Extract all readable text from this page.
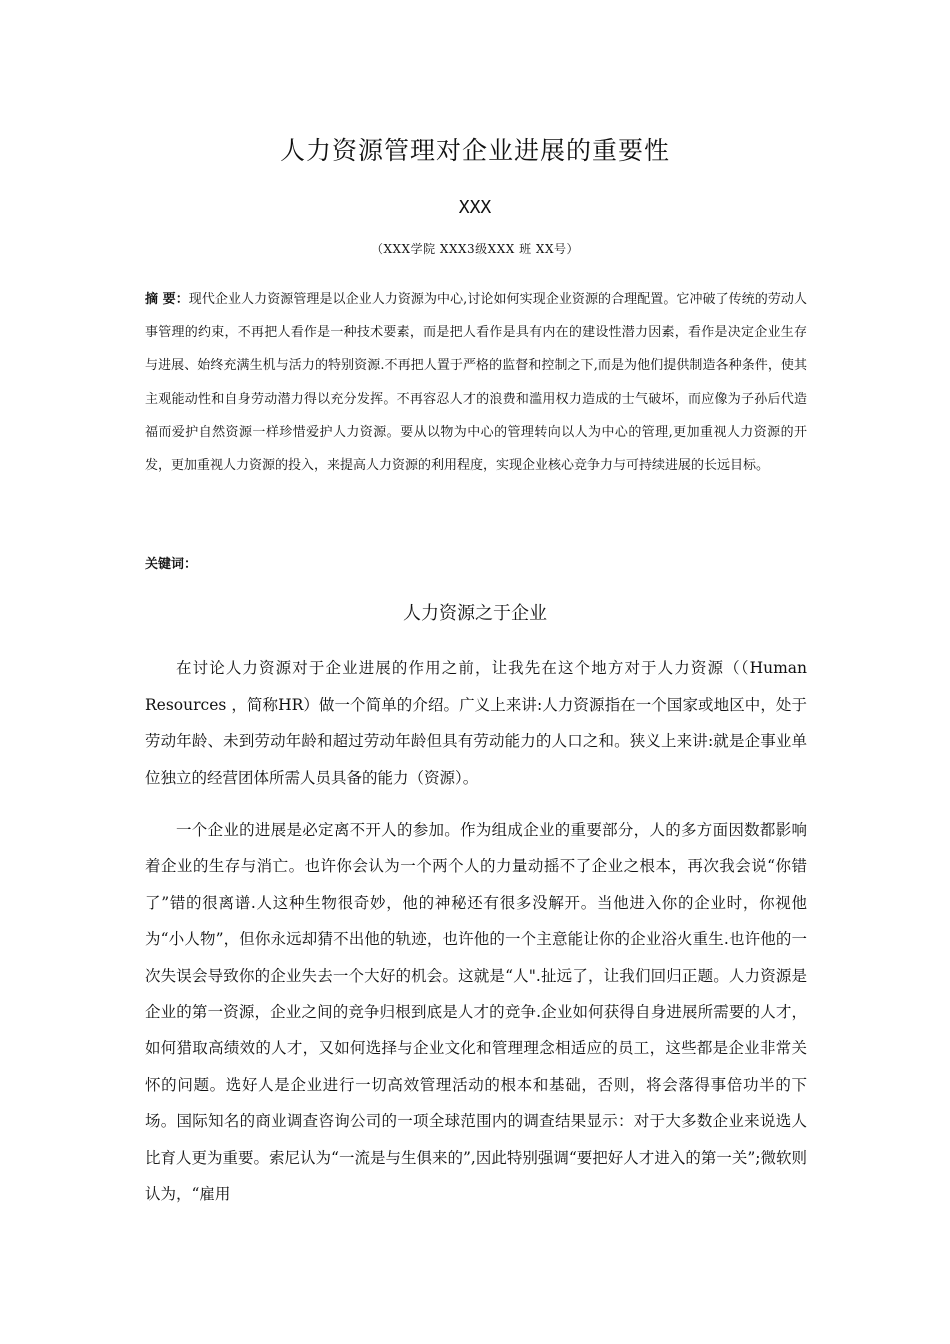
人力资源管理对企业进展的重要性
XXX
（XXX学院 XXX3级XXX 班 XX号）

摘 要：现代企业人力资源管理是以企业人力资源为中心,讨论如何实现企业资源的合理配置。它冲破了传统的劳动人事管理的约束，不再把人看作是一种技术要素，而是把人看作是具有内在的建设性潜力因素，看作是决定企业生存与进展、始终充满生机与活力的特别资源.不再把人置于严格的监督和控制之下,而是为他们提供制造各种条件，使其主观能动性和自身劳动潜力得以充分发挥。不再容忍人才的浪费和滥用权力造成的士气破坏，而应像为子孙后代造福而爱护自然资源一样珍惜爱护人力资源。要从以物为中心的管理转向以人为中心的管理,更加重视人力资源的开发，更加重视人力资源的投入，来提高人力资源的利用程度，实现企业核心竞争力与可持续进展的长远目标。

关键词：
人力资源之于企业

在讨论人力资源对于企业进展的作用之前，让我先在这个地方对于人力资源（（Human Resources ，简称HR）做一个简单的介绍。广义上来讲:人力资源指在一个国家或地区中，处于劳动年龄、未到劳动年龄和超过劳动年龄但具有劳动能力的人口之和。狭义上来讲:就是企事业单位独立的经营团体所需人员具备的能力（资源）。

一个企业的进展是必定离不开人的参加。作为组成企业的重要部分，人的多方面因数都影响着企业的生存与消亡。也许你会认为一个两个人的力量动摇不了企业之根本，再次我会说“你错了”错的很离谱.人这种生物很奇妙，他的神秘还有很多没解开。当他进入你的企业时，你视他为“小人物”，但你永远却猜不出他的轨迹，也许他的一个主意能让你的企业浴火重生.也许他的一次失误会导致你的企业失去一个大好的机会。这就是“人".扯远了，让我们回归正题。人力资源是企业的第一资源，企业之间的竞争归根到底是人才的竞争.企业如何获得自身进展所需要的人才，如何猎取高绩效的人才，又如何选择与企业文化和管理理念相适应的员工，这些都是企业非常关怀的问题。选好人是企业进行一切高效管理活动的根本和基础，否则，将会落得事倍功半的下场。国际知名的商业调查咨询公司的一项全球范围内的调查结果显示：对于大多数企业来说选人比育人更为重要。索尼认为“一流是与生俱来的”,因此特别强调“要把好人才进入的第一关”;微软则认为，“雇用
